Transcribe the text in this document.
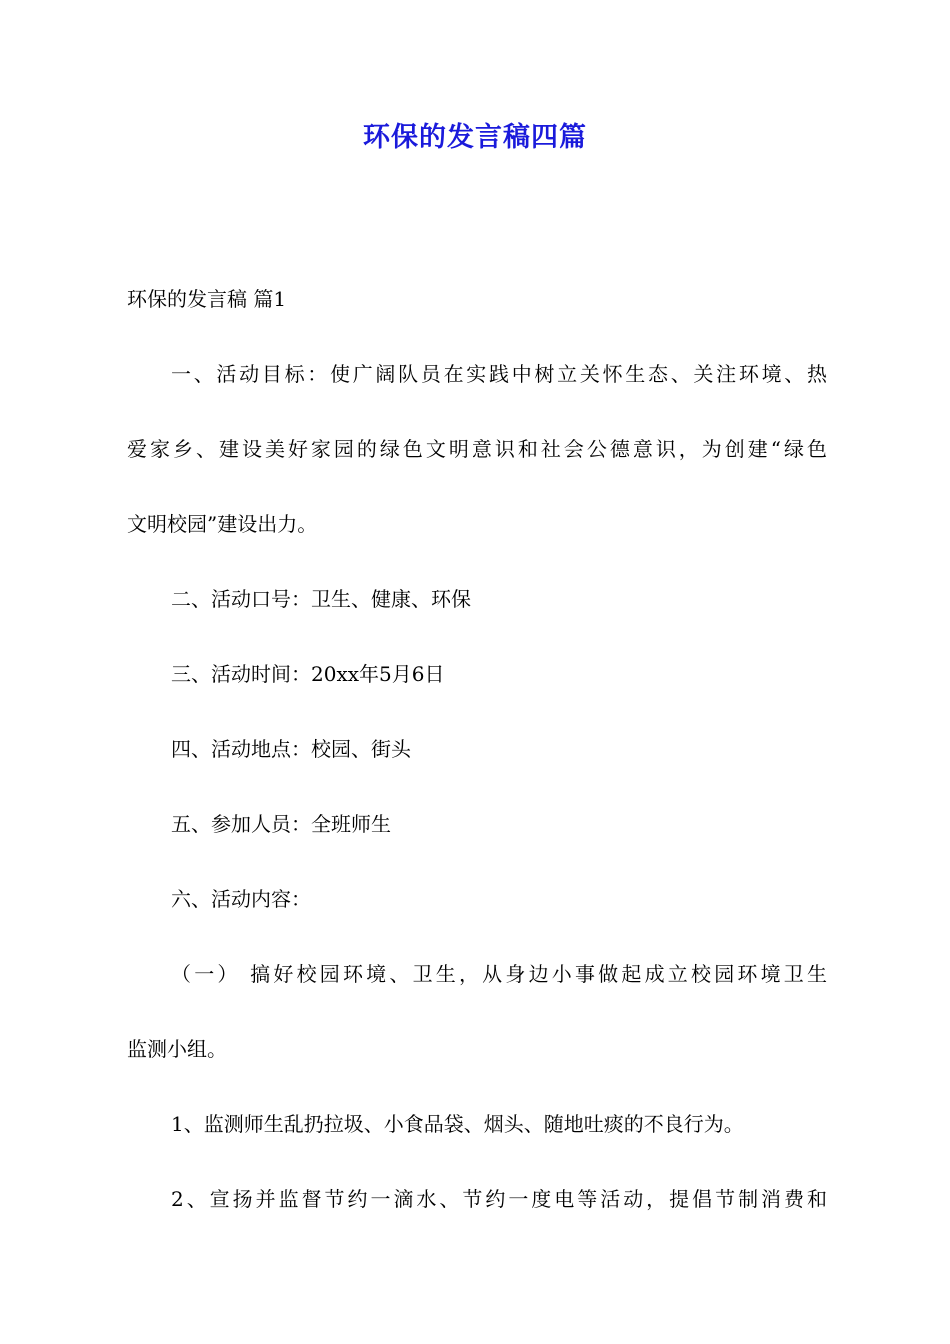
环保的发言稿四篇
环保的发言稿 篇1
一、活动目标：使广阔队员在实践中树立关怀生态、关注环境、热
爱家乡、建设美好家园的绿色文明意识和社会公德意识，为创建“绿色
文明校园”建设出力。
二、活动口号：卫生、健康、环保
三、活动时间：20xx年5月6日
四、活动地点：校园、街头
五、参加人员：全班师生
六、活动内容：
（一） 搞好校园环境、卫生，从身边小事做起成立校园环境卫生
监测小组。
1、监测师生乱扔拉圾、小食品袋、烟头、随地吐痰的不良行为。
2、宣扬并监督节约一滴水、节约一度电等活动，提倡节制消费和
